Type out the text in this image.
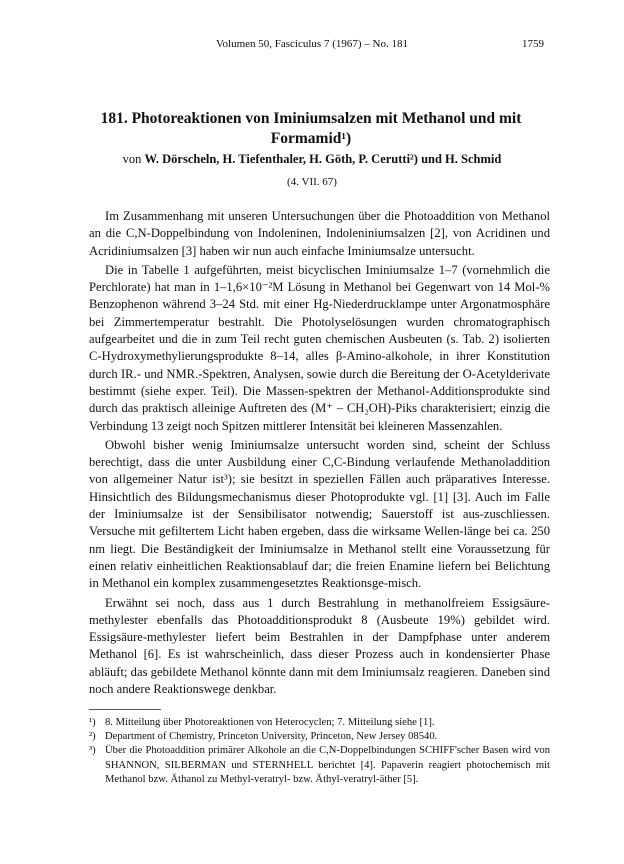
Volumen 50, Fasciculus 7 (1967) – No. 181	1759
181. Photoreaktionen von Iminiumsalzen mit Methanol und mit Formamid¹)
von W. Dörscheln, H. Tiefenthaler, H. Göth, P. Cerutti²) und H. Schmid
(4. VII. 67)

Im Zusammenhang mit unseren Untersuchungen über die Photoaddition von Methanol an die C,N-Doppelbindung von Indoleninen, Indoleniniumsalzen [2], von Acridinen und Acridiniumsalzen [3] haben wir nun auch einfache Iminiumsalze untersucht.

Die in Tabelle 1 aufgeführten, meist bicyclischen Iminiumsalze 1–7 (vornehmlich die Perchlorate) hat man in 1–1,6×10⁻²M Lösung in Methanol bei Gegenwart von 14 Mol-% Benzophenon während 3–24 Std. mit einer Hg-Niederdrucklampe unter Argonatmosphäre bei Zimmertemperatur bestrahlt. Die Photolyselösungen wurden chromatographisch aufgearbeitet und die in zum Teil recht guten chemischen Ausbeuten (s. Tab. 2) isolierten C-Hydroxymethylierungsprodukte 8–14, alles β-Amino-alkohole, in ihrer Konstitution durch IR.- und NMR.-Spektren, Analysen, sowie durch die Bereitung der O-Acetylderivate bestimmt (siehe exper. Teil). Die Massen-spektren der Methanol-Additionsprodukte sind durch das praktisch alleinige Auftreten des (M⁺ – CH₂OH)-Piks charakterisiert; einzig die Verbindung 13 zeigt noch Spitzen mittlerer Intensität bei kleineren Massenzahlen.

Obwohl bisher wenig Iminiumsalze untersucht worden sind, scheint der Schluss berechtigt, dass die unter Ausbildung einer C,C-Bindung verlaufende Methanoladdition von allgemeiner Natur ist³); sie besitzt in speziellen Fällen auch präparatives Interesse. Hinsichtlich des Bildungsmechanismus dieser Photoprodukte vgl. [1] [3]. Auch im Falle der Iminiumsalze ist der Sensibilisator notwendig; Sauerstoff ist aus-zuschliessen. Versuche mit gefiltertem Licht haben ergeben, dass die wirksame Wellen-länge bei ca. 250 nm liegt. Die Beständigkeit der Iminiumsalze in Methanol stellt eine Voraussetzung für einen relativ einheitlichen Reaktionsablauf dar; die freien Enamine liefern bei Belichtung in Methanol ein komplex zusammengesetztes Reaktionsge-misch.

Erwähnt sei noch, dass aus 1 durch Bestrahlung in methanolfreiem Essigsäure-methylester ebenfalls das Photoadditionsprodukt 8 (Ausbeute 19%) gebildet wird. Essigsäure-methylester liefert beim Bestrahlen in der Dampfphase unter anderem Methanol [6]. Es ist wahrscheinlich, dass dieser Prozess auch in kondensierter Phase abläuft; das gebildete Methanol könnte dann mit dem Iminiumsalz reagieren. Daneben sind noch andere Reaktionswege denkbar.

¹) 8. Mitteilung über Photoreaktionen von Heterocyclen; 7. Mitteilung siehe [1].
²) Department of Chemistry, Princeton University, Princeton, New Jersey 08540.
³) Über die Photoaddition primärer Alkohole an die C,N-Doppelbindungen SCHIFF'scher Basen wird von SHANNON, SILBERMAN und STERNHELL berichtet [4]. Papaverin reagiert photochemisch mit Methanol bzw. Äthanol zu Methyl-veratryl- bzw. Äthyl-veratryl-äther [5].
